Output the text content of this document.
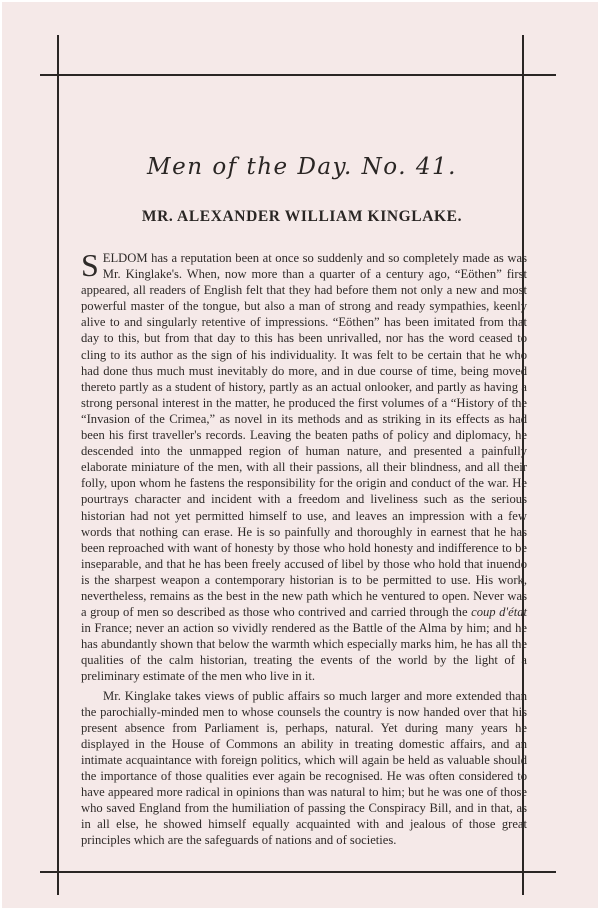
Men of the Day. No. 41.
MR. ALEXANDER WILLIAM KINGLAKE.

SELDOM has a reputation been at once so suddenly and so completely made as was Mr. Kinglake's. When, now more than a quarter of a century ago, “Eöthen” first appeared, all readers of English felt that they had before them not only a new and most powerful master of the tongue, but also a man of strong and ready sympathies, keenly alive to and singularly retentive of impressions. “Eöthen” has been imitated from that day to this, but from that day to this has been unrivalled, nor has the word ceased to cling to its author as the sign of his individuality. It was felt to be certain that he who had done thus much must inevitably do more, and in due course of time, being moved thereto partly as a student of history, partly as an actual onlooker, and partly as having a strong personal interest in the matter, he produced the first volumes of a “History of the “Invasion of the Crimea,” as novel in its methods and as striking in its effects as had been his first traveller's records. Leaving the beaten paths of policy and diplomacy, he descended into the unmapped region of human nature, and presented a painfully elaborate miniature of the men, with all their passions, all their blindness, and all their folly, upon whom he fastens the responsibility for the origin and conduct of the war. He pourtrays character and incident with a freedom and liveliness such as the serious historian had not yet permitted himself to use, and leaves an impression with a few words that nothing can erase. He is so painfully and thoroughly in earnest that he has been reproached with want of honesty by those who hold honesty and indifference to be inseparable, and that he has been freely accused of libel by those who hold that inuendo is the sharpest weapon a contemporary historian is to be permitted to use. His work, nevertheless, remains as the best in the new path which he ventured to open. Never was a group of men so described as those who contrived and carried through the coup d'état in France; never an action so vividly rendered as the Battle of the Alma by him; and he has abundantly shown that below the warmth which especially marks him, he has all the qualities of the calm historian, treating the events of the world by the light of a preliminary estimate of the men who live in it.

Mr. Kinglake takes views of public affairs so much larger and more extended than the parochially-minded men to whose counsels the country is now handed over that his present absence from Parliament is, perhaps, natural. Yet during many years he displayed in the House of Commons an ability in treating domestic affairs, and an intimate acquaintance with foreign politics, which will again be held as valuable should the importance of those qualities ever again be recognised. He was often considered to have appeared more radical in opinions than was natural to him; but he was one of those who saved England from the humiliation of passing the Conspiracy Bill, and in that, as in all else, he showed himself equally acquainted with and jealous of those great principles which are the safeguards of nations and of societies.
